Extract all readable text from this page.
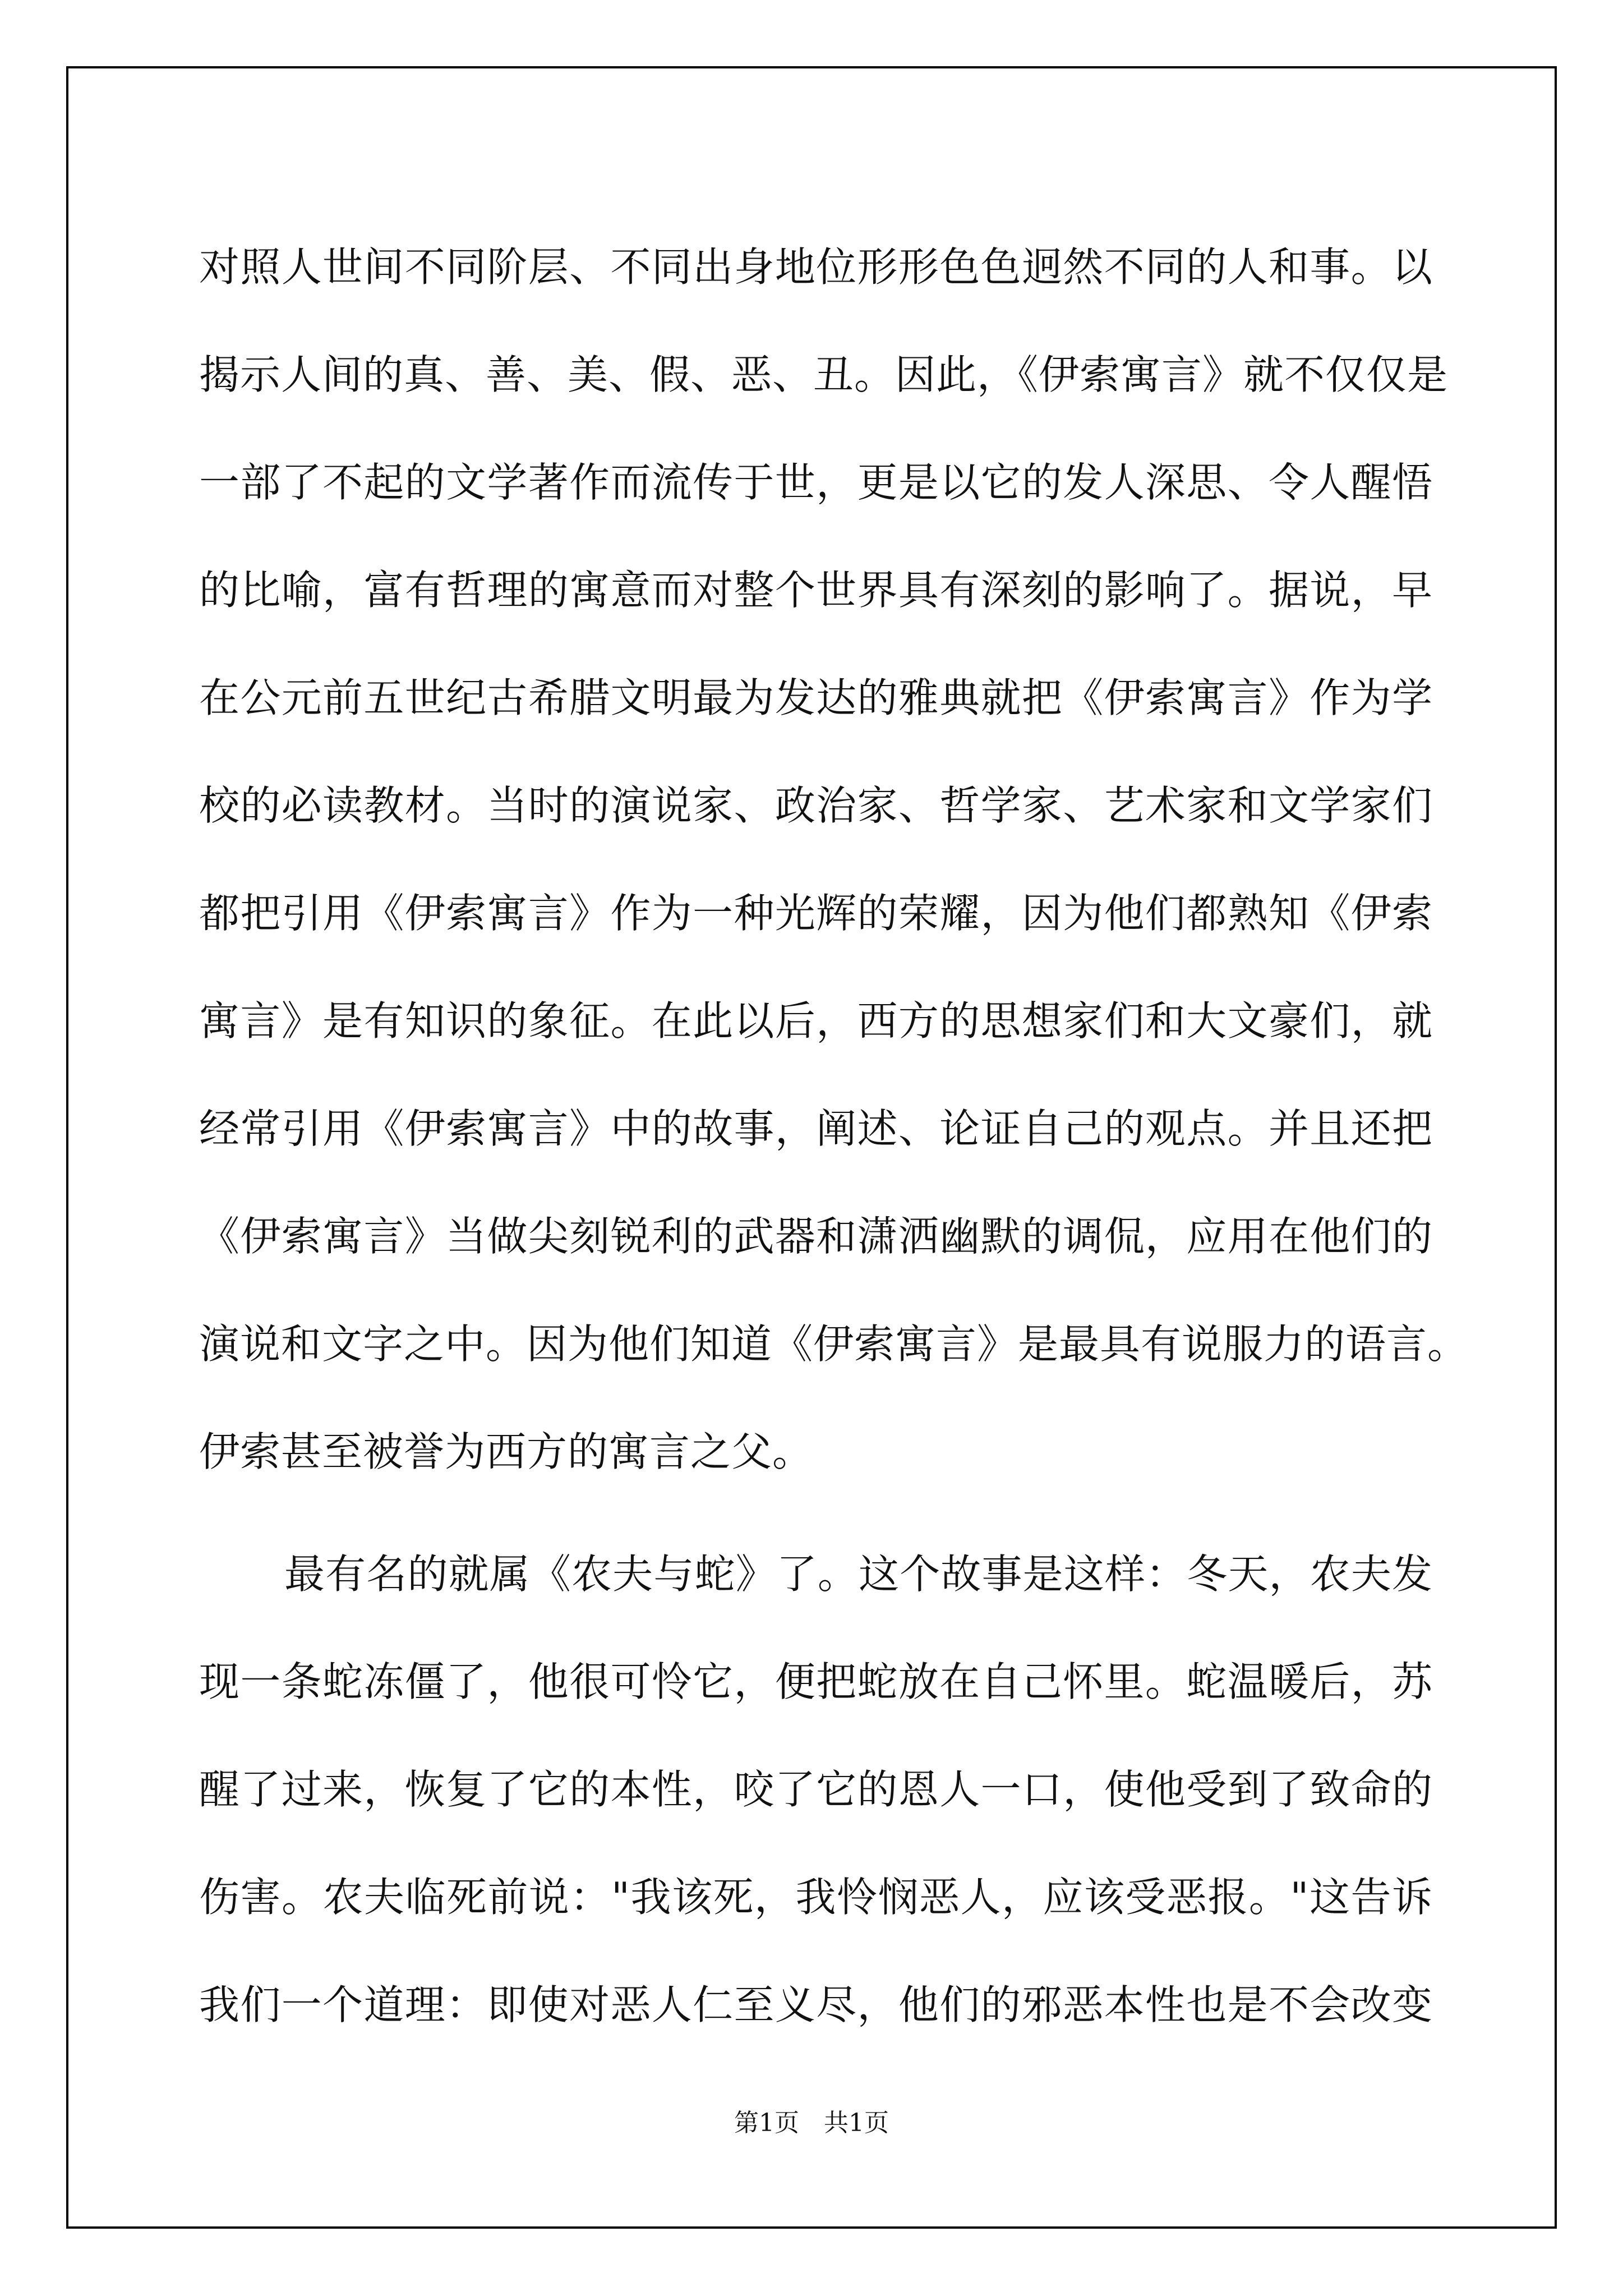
对照人世间不同阶层、不同出身地位形形色色迥然不同的人和事。以
揭示人间的真、善、美、假、恶、丑。因此，《伊索寓言》就不仅仅是
一部了不起的文学著作而流传于世，更是以它的发人深思、令人醒悟
的比喻，富有哲理的寓意而对整个世界具有深刻的影响了。据说，早
在公元前五世纪古希腊文明最为发达的雅典就把《伊索寓言》作为学
校的必读教材。当时的演说家、政治家、哲学家、艺术家和文学家们
都把引用《伊索寓言》作为一种光辉的荣耀，因为他们都熟知《伊索
寓言》是有知识的象征。在此以后，西方的思想家们和大文豪们，就
经常引用《伊索寓言》中的故事，阐述、论证自己的观点。并且还把
《伊索寓言》当做尖刻锐利的武器和潇洒幽默的调侃，应用在他们的
演说和文字之中。因为他们知道《伊索寓言》是最具有说服力的语言。
伊索甚至被誉为西方的寓言之父。
最有名的就属《农夫与蛇》了。这个故事是这样：冬天，农夫发
现一条蛇冻僵了，他很可怜它，便把蛇放在自己怀里。蛇温暖后，苏
醒了过来，恢复了它的本性，咬了它的恩人一口，使他受到了致命的
伤害。农夫临死前说："我该死，我怜悯恶人，应该受恶报。"这告诉
我们一个道理：即使对恶人仁至义尽，他们的邪恶本性也是不会改变
第1页　共1页
